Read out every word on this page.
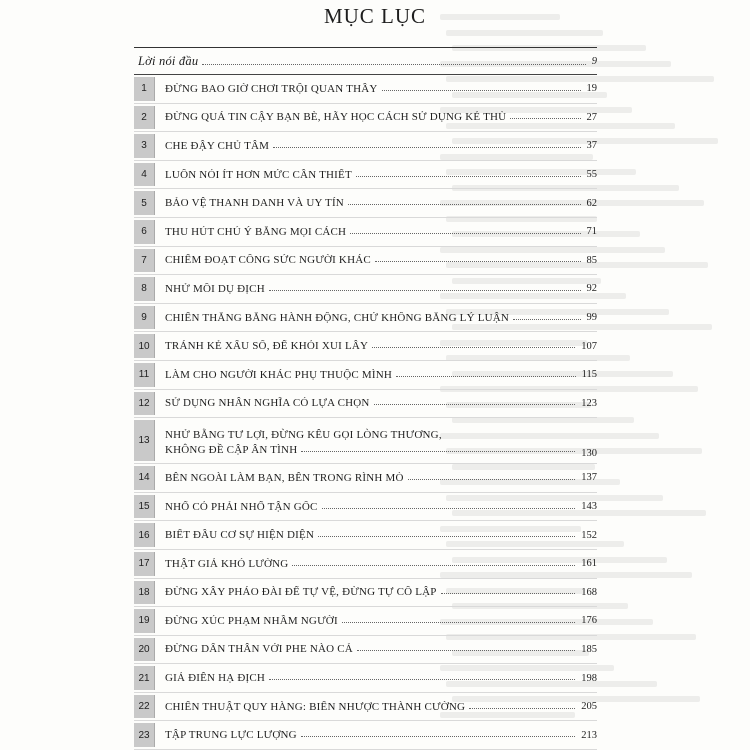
MỤC LỤC
Lời nói đầu	9
1	ĐỪNG BAO GIỜ CHƠI TRỘI QUAN THẦY	19
2	ĐỪNG QUÁ TIN CẬY BẠN BÈ, HÃY HỌC CÁCH SỬ DỤNG KẺ THÙ	27
3	CHE ĐẬY CHỦ TÂM	37
4	LUÔN NÓI ÍT HƠN MỨC CẦN THIẾT	55
5	BẢO VỆ THANH DANH VÀ UY TÍN	62
6	THU HÚT CHÚ Ý BẰNG MỌI CÁCH	71
7	CHIẾM ĐOẠT CÔNG SỨC NGƯỜI KHÁC	85
8	NHỬ MỒI DỤ ĐỊCH	92
9	CHIẾN THẮNG BẰNG HÀNH ĐỘNG, CHỨ KHÔNG BẰNG LÝ LUẬN	99
10	TRÁNH KẺ XẤU SỐ, ĐỂ KHỎI XUI LÂY	107
11	LÀM CHO NGƯỜI KHÁC PHỤ THUỘC MÌNH	115
12	SỬ DỤNG NHÂN NGHĨA CÓ LỰA CHỌN	123
13	NHỬ BẰNG TƯ LỢI, ĐỪNG KÊU GỌI LÒNG THƯƠNG,
KHÔNG ĐỀ CẬP ÂN TÌNH	130
14	BÊN NGOÀI LÀM BẠN, BÊN TRONG RÌNH MÒ	137
15	NHỔ CỎ PHẢI NHỔ TẬN GỐC	143
16	BIẾT ĐẦU CƠ SỰ HIỆN DIỆN	152
17	THẬT GIẢ KHÓ LƯỜNG	161
18	ĐỪNG XÂY PHÁO ĐÀI ĐỂ TỰ VỆ, ĐỪNG TỰ CÔ LẬP	168
19	ĐỪNG XÚC PHẠM NHẦM NGƯỜI	176
20	ĐỪNG DẤN THÂN VỚI PHE NÀO CẢ	185
21	GIẢ ĐIÊN HẠ ĐỊCH	198
22	CHIẾN THUẬT QUY HÀNG: BIẾN NHƯỢC THÀNH CƯỜNG	205
23	TẬP TRUNG LỰC LƯỢNG	213
